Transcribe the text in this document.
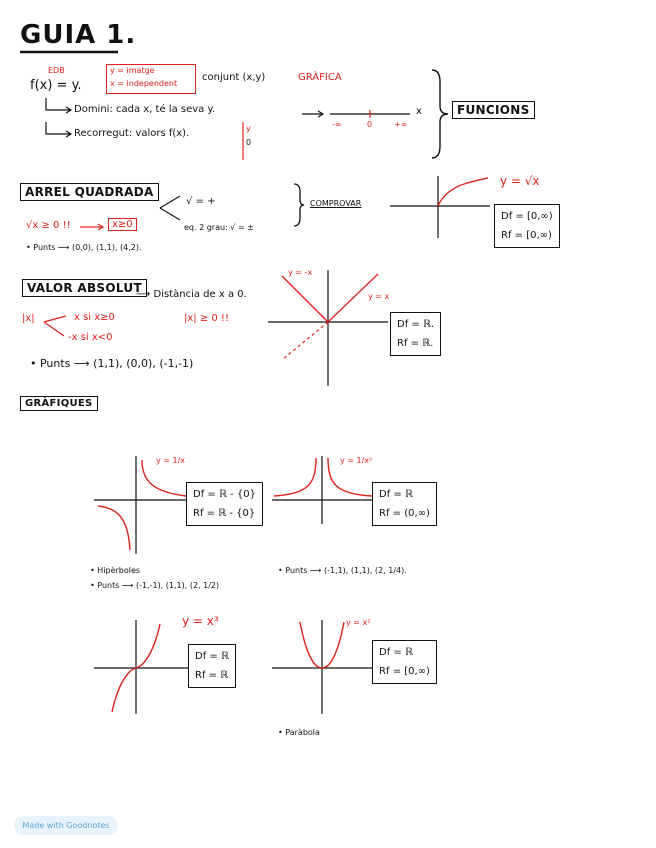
GUIA 1.
EDB
f(x) = y.
y = imatge
x = independent
conjunt (x,y)	GRÀFICA
Domini: cada x, té la seva y.
-∞	0	+∞
x
Recorregut: valors f(x).	y
0
FUNCIONS
ARREL QUADRADA
√ = +
eq. 2 grau: √ = ±
COMPROVAR
√x ≥ 0 !!	x≥0
• Punts ⟶ (0,0), (1,1), (4,2).
y = √x
Df = [0,∞)
Rf = [0,∞)
VALOR ABSOLUT
⟶ Distància de x a 0.
|x|	x si x≥0
-x si x<0
|x| ≥ 0 !!
• Punts ⟶ (1,1), (0,0), (-1,-1)
y = -x
y = x
Df = ℝ.
Rf = ℝ.
GRÀFIQUES
y = 1/x
Df = ℝ - {0}
Rf = ℝ - {0}
y = 1/x²
Df = ℝ
Rf = (0,∞)
• Hipèrboles
• Punts ⟶ (-1,-1), (1,1), (2, 1/2)
• Punts ⟶ (-1,1), (1,1), (2, 1/4).
y = x³
Df = ℝ
Rf = ℝ
y = x²
Df = ℝ
Rf = [0,∞)
• Paràbola
Made with Goodnotes
